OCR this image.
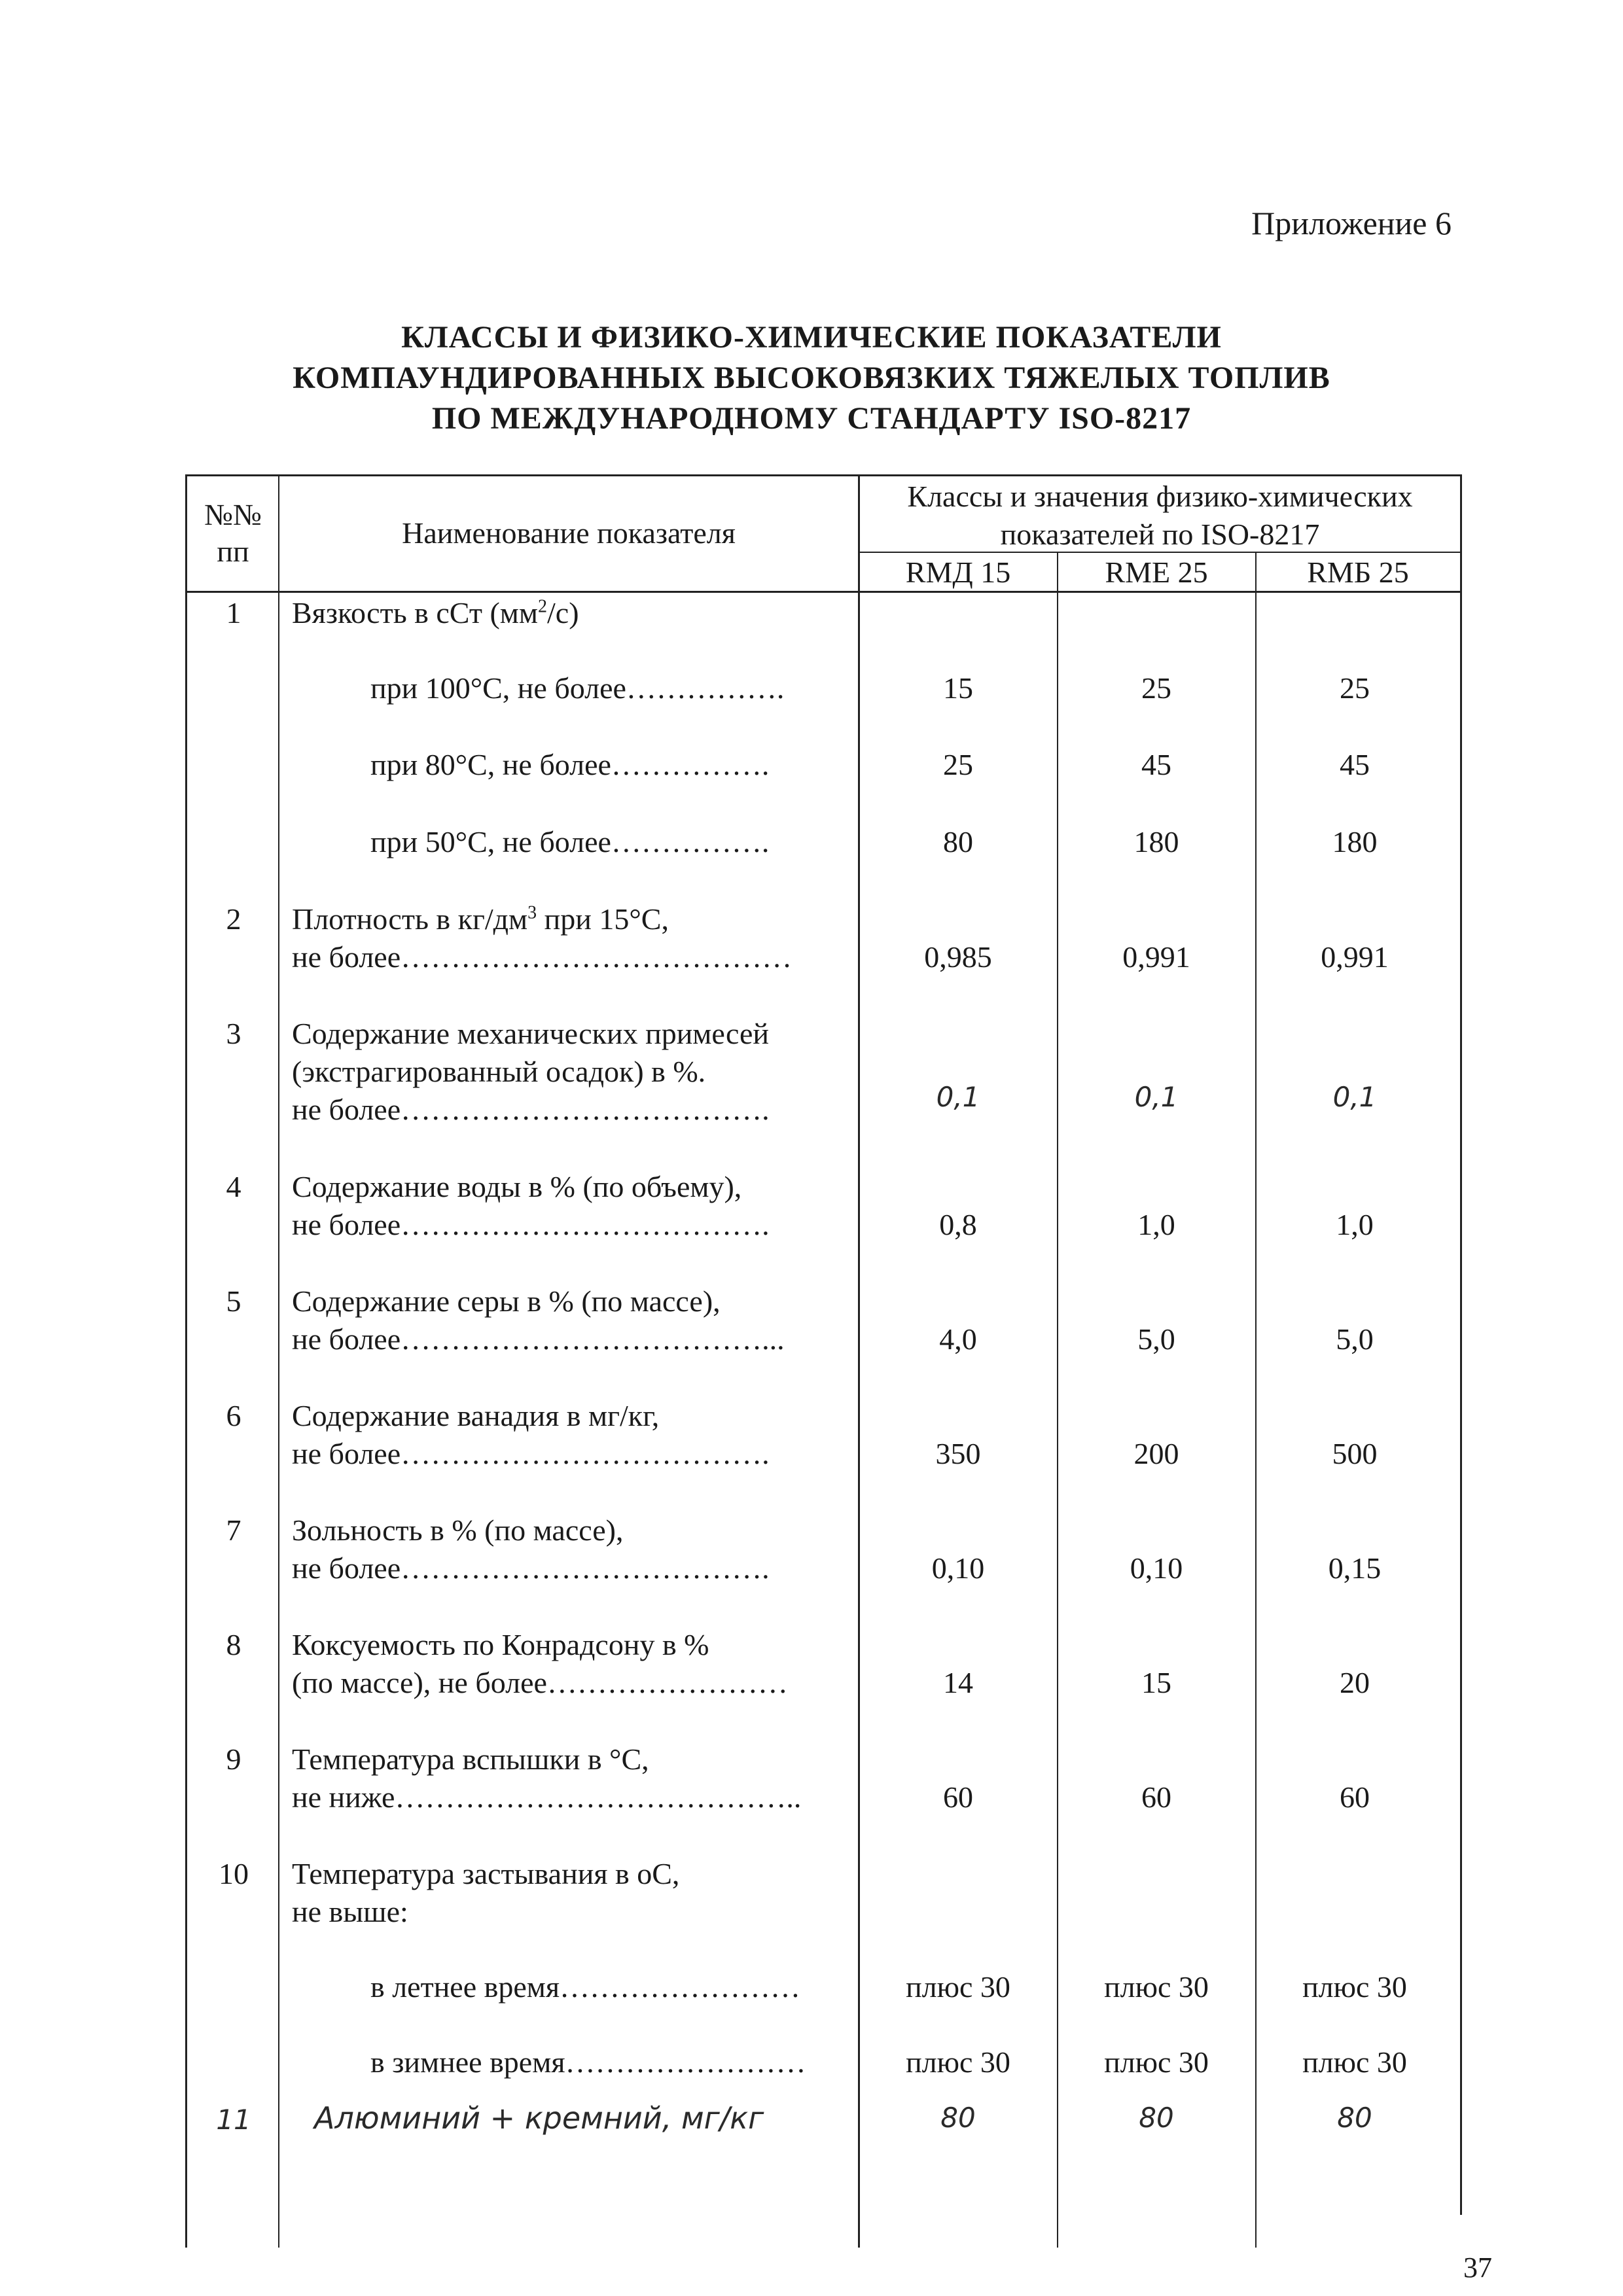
Приложение 6
КЛАССЫ И ФИЗИКО-ХИМИЧЕСКИЕ ПОКАЗАТЕЛИ
КОМПАУНДИРОВАННЫХ ВЫСОКОВЯЗКИХ ТЯЖЕЛЫХ ТОПЛИВ
ПО МЕЖДУНАРОДНОМУ СТАНДАРТУ ISO-8217
№№
пп
Наименование показателя
Классы и значения физико-химических
показателей по ISO-8217
RMД 15	RME 25	RMБ 25
1	Вязкость в сСт $(мм^2/с)$
при 100°С, не более…………….	15	25	25
при 80°С, не более…………….	25	45	45
при 50°С, не более…………….	80	180	180
2	Плотность в $кг/дм^3$ при 15°С,
не более…………………………………	0,985	0,991	0,991
3	Содержание механических примесей
(экстрагированный осадок) в %.
не более……………………………….	0,1	0,1	0,1
4	Содержание воды в % (по объему),
не более……………………………….	0,8	1,0	1,0
5	Содержание серы в % (по массе),
не более………………………………...	4,0	5,0	5,0
6	Содержание ванадия в мг/кг,
не более……………………………….	350	200	500
7	Зольность в % (по массе),
не более……………………………….	0,10	0,10	0,15
8	Коксуемость по Конрадсону в %
(по массе), не более……………………	14	15	20
9	Температура вспышки в °С,
не ниже…………………………………..	60	60	60
10	Температура застывания в оС,
не выше:
в летнее время……………………	плюс 30	плюс 30	плюс 30
в зимнее время……………………	плюс 30	плюс 30	плюс 30
11	Алюминий + кремний, мг/кг	80	80	80
37
